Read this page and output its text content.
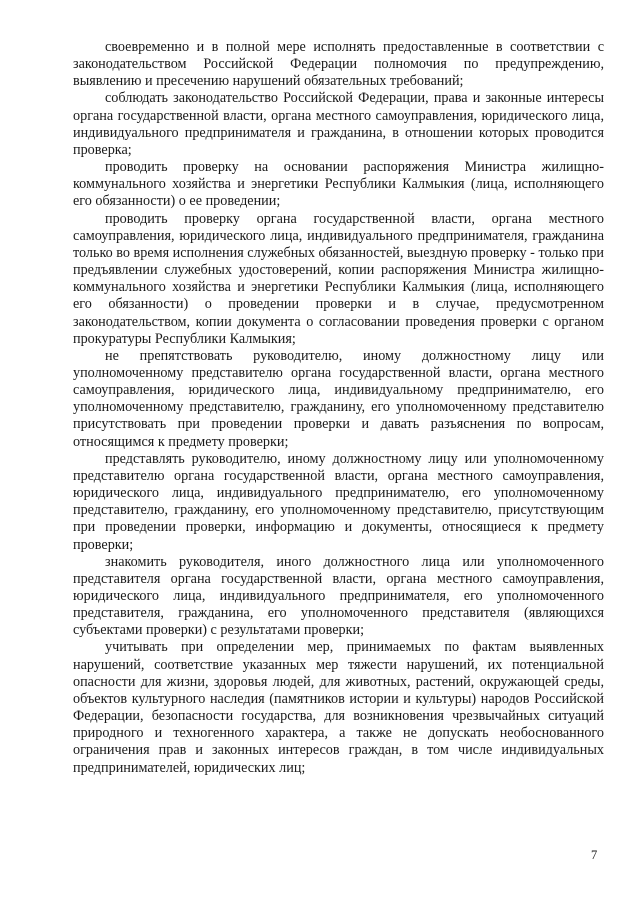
своевременно и в полной мере исполнять предоставленные в соответствии с законодательством Российской Федерации полномочия по предупреждению, выявлению и пресечению нарушений обязательных требований;

соблюдать законодательство Российской Федерации, права и законные интересы органа государственной власти, органа местного самоуправления, юридического лица, индивидуального предпринимателя и гражданина, в отношении которых проводится проверка;

проводить проверку на основании распоряжения Министра жилищно-коммунального хозяйства и энергетики Республики Калмыкия (лица, исполняющего его обязанности) о ее проведении;

проводить проверку органа государственной власти, органа местного самоуправления, юридического лица, индивидуального предпринимателя, гражданина только во время исполнения служебных обязанностей, выездную проверку - только при предъявлении служебных удостоверений, копии распоряжения Министра жилищно-коммунального хозяйства и энергетики Республики Калмыкия (лица, исполняющего его обязанности) о проведении проверки и в случае, предусмотренном законодательством, копии документа о согласовании проведения проверки с органом прокуратуры Республики Калмыкия;

не препятствовать руководителю, иному должностному лицу или уполномоченному представителю органа государственной власти, органа местного самоуправления, юридического лица, индивидуальному предпринимателю, его уполномоченному представителю, гражданину, его уполномоченному представителю присутствовать при проведении проверки и давать разъяснения по вопросам, относящимся к предмету проверки;

представлять руководителю, иному должностному лицу или уполномоченному представителю органа государственной власти, органа местного самоуправления, юридического лица, индивидуального предпринимателю, его уполномоченному представителю, гражданину, его уполномоченному представителю, присутствующим при проведении проверки, информацию и документы, относящиеся к предмету проверки;

знакомить руководителя, иного должностного лица или уполномоченного представителя органа государственной власти, органа местного самоуправления, юридического лица, индивидуального предпринимателя, его уполномоченного представителя, гражданина, его уполномоченного представителя (являющихся субъектами проверки) с результатами проверки;

учитывать при определении мер, принимаемых по фактам выявленных нарушений, соответствие указанных мер тяжести нарушений, их потенциальной опасности для жизни, здоровья людей, для животных, растений, окружающей среды, объектов культурного наследия (памятников истории и культуры) народов Российской Федерации, безопасности государства, для возникновения чрезвычайных ситуаций природного и техногенного характера, а также не допускать необоснованного ограничения прав и законных интересов граждан, в том числе индивидуальных предпринимателей, юридических лиц;

7
